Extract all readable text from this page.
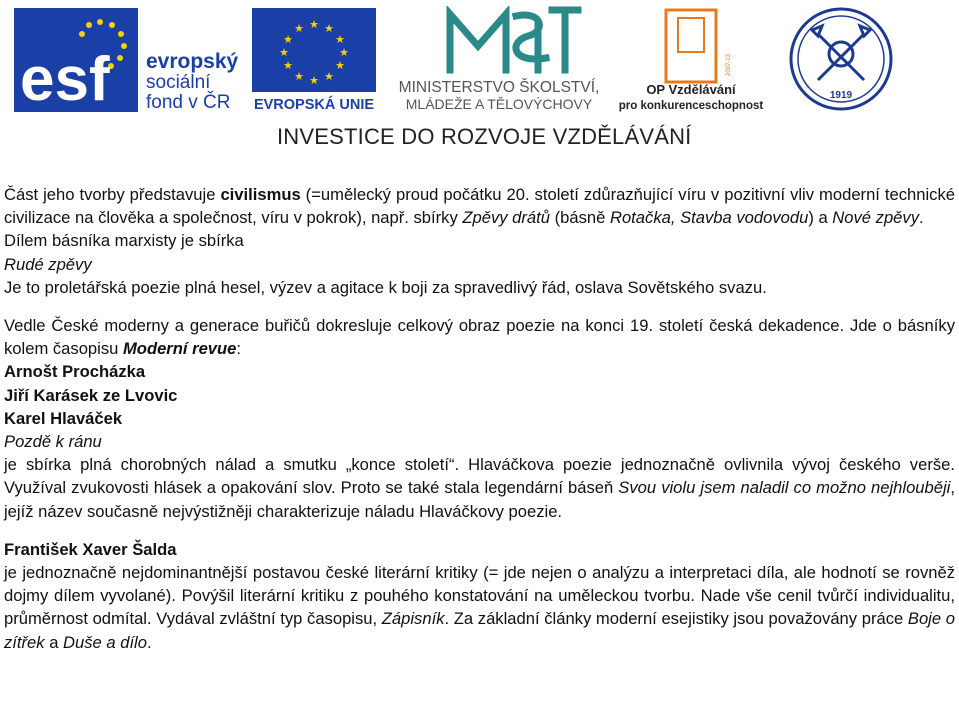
esf evropský
sociální
fond v ČR
★ ★
★
★
★
★
★
★
★
★
★
★
EVROPSKÁ UNIE
MINISTERSTVO ŠKOLSTVÍ,
MLÁDEŽE A TĚLOVÝCHOVY
2007-13
OP Vzdělávání
pro konkurenceschopnost
1919
INVESTICE DO ROZVOJE VZDĚLÁVÁNÍ

Část jeho tvorby představuje civilismus (=umělecký proud počátku 20. století zdůrazňující víru v pozitivní vliv moderní technické civilizace na člověka a společnost, víru v pokrok), např. sbírky Zpěvy drátů (básně Rotačka, Stavba vodovodu) a Nové zpěvy.

Dílem básníka marxisty je sbírka

Rudé zpěvy

Je to proletářská poezie plná hesel, výzev a agitace k boji za spravedlivý řád, oslava Sovětského svazu.

Vedle České moderny a generace buřičů dokresluje celkový obraz poezie na konci 19. století česká dekadence. Jde o básníky kolem časopisu Moderní revue:

Arnošt Procházka

Jiří Karásek ze Lvovic

Karel Hlaváček

Pozdě k ránu

je sbírka plná chorobných nálad a smutku „konce století“. Hlaváčkova poezie jednoznačně ovlivnila vývoj českého verše. Využíval zvukovosti hlásek a opakování slov. Proto se také stala legendární báseň Svou violu jsem naladil co možno nejhlouběji, jejíž název současně nejvýstižněji charakterizuje náladu Hlaváčkovy poezie.

František Xaver Šalda

je jednoznačně nejdominantnější postavou české literární kritiky (= jde nejen o analýzu a interpretaci díla, ale hodnotí se rovněž dojmy dílem vyvolané). Povýšil literární kritiku z pouhého konstatování na uměleckou tvorbu. Nade vše cenil tvůrčí individualitu, průměrnost odmítal. Vydával zvláštní typ časopisu, Zápisník. Za základní články moderní esejistiky jsou považovány práce Boje o zítřek a Duše a dílo.
